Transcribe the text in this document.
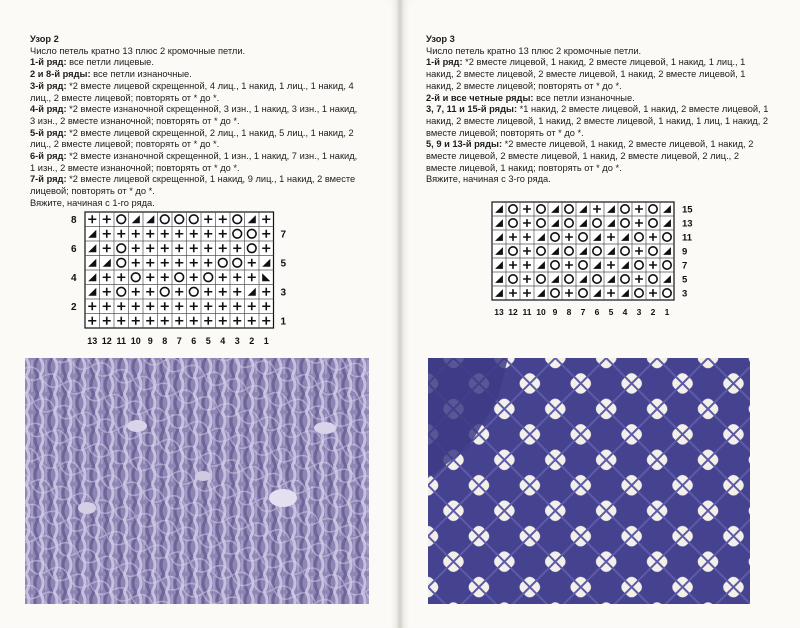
Узор 2

Число петель кратно 13 плюс 2 кромочные петли.

1-й ряд: все петли лицевые.

2 и 8-й ряды: все петли изнаночные.

3-й ряд: *2 вместе лицевой скрещенной, 4 лиц., 1 накид, 1 лиц., 1 накид, 4 лиц., 2 вместе лицевой; повторять от * до *.

4-й ряд: *2 вместе изнаночной скрещенной, 3 изн., 1 накид, 3 изн., 1 накид, 3 изн., 2 вместе изнаночной; повторять от * до *.

5-й ряд: *2 вместе лицевой скрещенной, 2 лиц., 1 накид, 5 лиц., 1 накид, 2 лиц., 2 вместе лицевой; повторять от * до *.

6-й ряд: *2 вместе изнаночной скрещенной, 1 изн., 1 накид, 7 изн., 1 накид, 1 изн., 2 вместе изнаночной; повторять от * до *.

7-й ряд: *2 вместе лицевой скрещенной, 1 накид, 9 лиц., 1 накид, 2 вместе лицевой; повторять от * до *.

Вяжите, начиная с 1-го ряда.

8
6
4
2
7
5
3
1
13 12 11 10 9 8 7 6 5 4 3 2 1

Узор 3

Число петель кратно 13 плюс 2 кромочные петли.

1-й ряд: *2 вместе лицевой, 1 накид, 2 вместе лицевой, 1 накид, 1 лиц., 1 накид, 2 вместе лицевой, 2 вместе лицевой, 1 накид, 2 вместе лицевой, 1 накид, 2 вместе лицевой; повторять от * до *.

2-й и все четные ряды: все петли изнаночные.

3, 7, 11 и 15-й ряды: *1 накид, 2 вместе лицевой, 1 накид, 2 вместе лицевой, 1 накид, 2 вместе лицевой, 1 накид, 2 вместе лицевой, 1 накид, 1 лиц, 1 накид, 2 вместе лицевой; повторять от * до *.

5, 9 и 13-й ряды: *2 вместе лицевой, 1 накид, 2 вместе лицевой, 1 накид, 2 вместе лицевой, 2 вместе лицевой, 1 накид, 2 вместе лицевой, 2 лиц., 2 вместе лицевой, 1 накид; повторять от * до *.

Вяжите, начиная с 3-го ряда.

15
13
11
9
7
5
3
13 12 11 10 9 8 7 6 5 4 3 2 1
